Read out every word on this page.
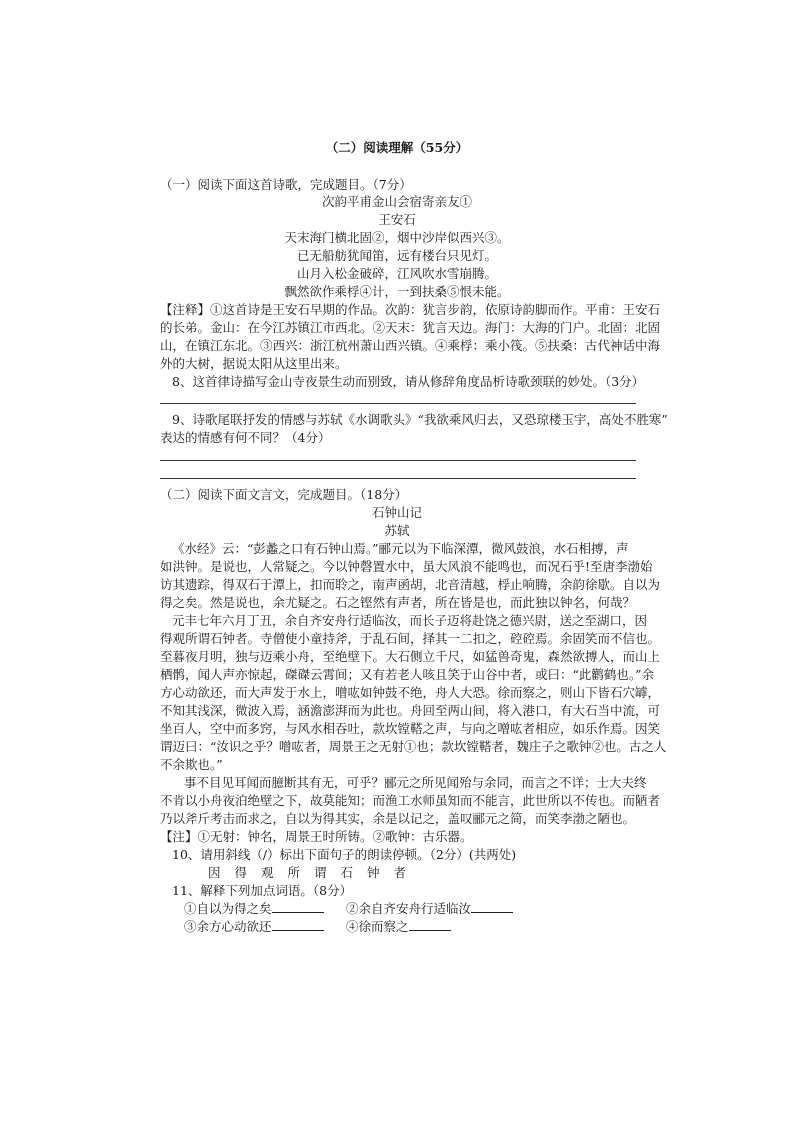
（二）阅读理解（55分）
（一）阅读下面这首诗歌，完成题目。（7分）
次韵平甫金山会宿寄亲友①
王安石
天末海门横北固②，烟中沙岸似西兴③。
已无船舫犹闻笛，远有楼台只见灯。
山月入松金破碎，江风吹水雪崩腾。
飘然欲作乘桴④计，一到扶桑⑤恨未能。
【注释】①这首诗是王安石早期的作品。次韵：犹言步韵，依原诗韵脚而作。平甫：王安石
的长弟。金山：在今江苏镇江市西北。②天末：犹言天边。海门：大海的门户。北固：北固
山，在镇江东北。③西兴：浙江杭州萧山西兴镇。④乘桴：乘小筏。⑤扶桑：古代神话中海
外的大树，据说太阳从这里出来。
8、这首律诗描写金山寺夜景生动而别致，请从修辞角度品析诗歌颈联的妙处。（3分）
9、诗歌尾联抒发的情感与苏轼《水调歌头》“我欲乘风归去，又恐琼楼玉宇，高处不胜寒”
表达的情感有何不同？（4分）
（二）阅读下面文言文，完成题目。（18分）
石钟山记
苏轼
《水经》云：“彭蠡之口有石钟山焉。”郦元以为下临深潭，微风鼓浪，水石相搏，声
如洪钟。是说也，人常疑之。今以钟磬置水中，虽大风浪不能鸣也，而况石乎!至唐李渤始
访其遗踪，得双石于潭上，扣而聆之，南声函胡，北音清越，桴止响腾，余韵徐歇。自以为
得之矣。然是说也，余尤疑之。石之铿然有声者，所在皆是也，而此独以钟名，何哉？
元丰七年六月丁丑，余自齐安舟行适临汝，而长子迈将赴饶之德兴尉，送之至湖口，因
得观所谓石钟者。寺僧使小童持斧，于乱石间，择其一二扣之，硿硿焉。余固笑而不信也。
至暮夜月明，独与迈乘小舟，至绝壁下。大石侧立千尺，如猛兽奇鬼，森然欲搏人，而山上
栖鹘，闻人声亦惊起，磔磔云霄间；又有若老人咳且笑于山谷中者，或曰：“此鹳鹤也。”余
方心动欲还，而大声发于水上，噌吰如钟鼓不绝，舟人大恐。徐而察之，则山下皆石穴罅，
不知其浅深，微波入焉，涵澹澎湃而为此也。舟回至两山间，将入港口，有大石当中流，可
坐百人，空中而多窍，与风水相吞吐，款坎镗鞳之声，与向之噌吰者相应，如乐作焉。因笑
谓迈曰：“汝识之乎？噌吰者，周景王之无射①也；款坎镗鞳者，魏庄子之歌钟②也。古之人
不余欺也。”
事不目见耳闻而臆断其有无，可乎？郦元之所见闻殆与余同，而言之不详；士大夫终
不肯以小舟夜泊绝壁之下，故莫能知；而渔工水师虽知而不能言，此世所以不传也。而陋者
乃以斧斤考击而求之，自以为得其实，余是以记之，盖叹郦元之简，而笑李渤之陋也。
【注】①无射：钟名，周景王时所铸。②歌钟：古乐器。
10、请用斜线（/）标出下面句子的朗读停顿。（2分）(共两处)
因得观所谓石钟者
11、解释下列加点词语。（8分）
①自以为得之矣	②余自齐安舟行适临汝
③余方心动欲还	④徐而察之
